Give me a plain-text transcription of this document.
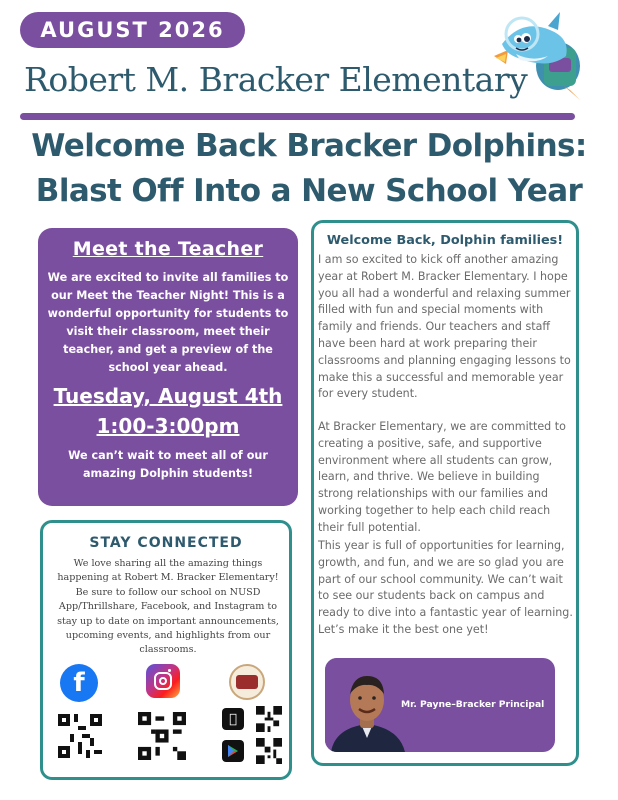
AUGUST 2026
Robert M. Bracker Elementary
Welcome Back Bracker Dolphins:
Blast Off Into a New School Year
Meet the Teacher
We are excited to invite all families to our Meet the Teacher Night! This is a wonderful opportunity for students to visit their classroom, meet their teacher, and get a preview of the school year ahead.
Tuesday, August 4th
1:00-3:00pm
We can’t wait to meet all of our amazing Dolphin students!
STAY CONNECTED

We love sharing all the amazing things happening at Robert M. Bracker Elementary! Be sure to follow our school on NUSD App/Thrillshare, Facebook, and Instagram to stay up to date on important announcements, upcoming events, and highlights from our classrooms.

f
Welcome Back, Dolphin families!
I am so excited to kick off another amazing year at Robert M. Bracker Elementary. I hope you all had a wonderful and relaxing summer filled with fun and special moments with family and friends. Our teachers and staff have been hard at work preparing their classrooms and planning engaging lessons to make this a successful and memorable year for every student.
At Bracker Elementary, we are committed to creating a positive, safe, and supportive environment where all students can grow, learn, and thrive. We believe in building strong relationships with our families and working together to help each child reach their full potential.
This year is full of opportunities for learning, growth, and fun, and we are so glad you are part of our school community. We can’t wait to see our students back on campus and ready to dive into a fantastic year of learning. Let’s make it the best one yet!
Mr. Payne–Bracker Principal
